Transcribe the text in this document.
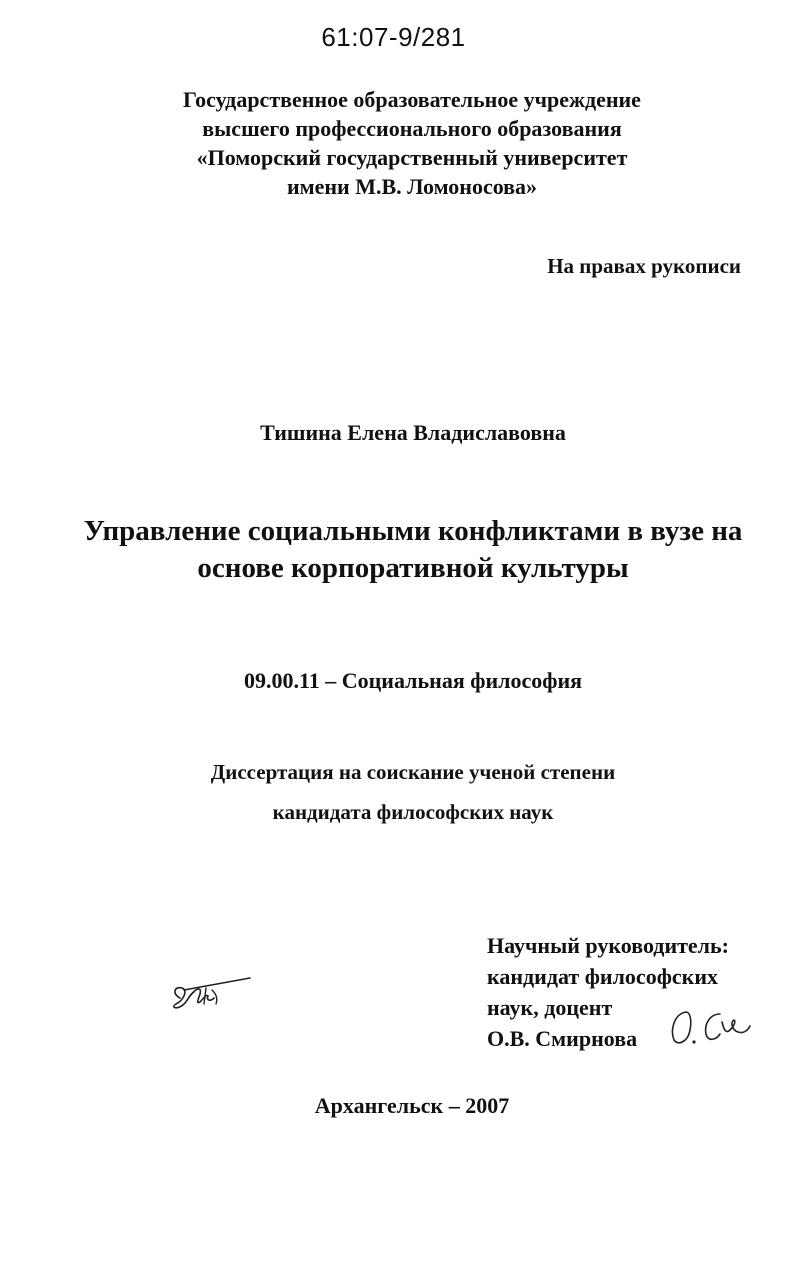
61:07-9/281
Государственное образовательное учреждение
высшего профессионального образования
«Поморский государственный университет
имени М.В. Ломоносова»
На правах рукописи
Тишина Елена Владиславовна
Управление социальными конфликтами в вузе на
основе корпоративной культуры
09.00.11 – Социальная философия
Диссертация на соискание ученой степени
кандидата философских наук
Научный руководитель:
кандидат философских
наук, доцент
О.В. Смирнова
Архангельск – 2007
